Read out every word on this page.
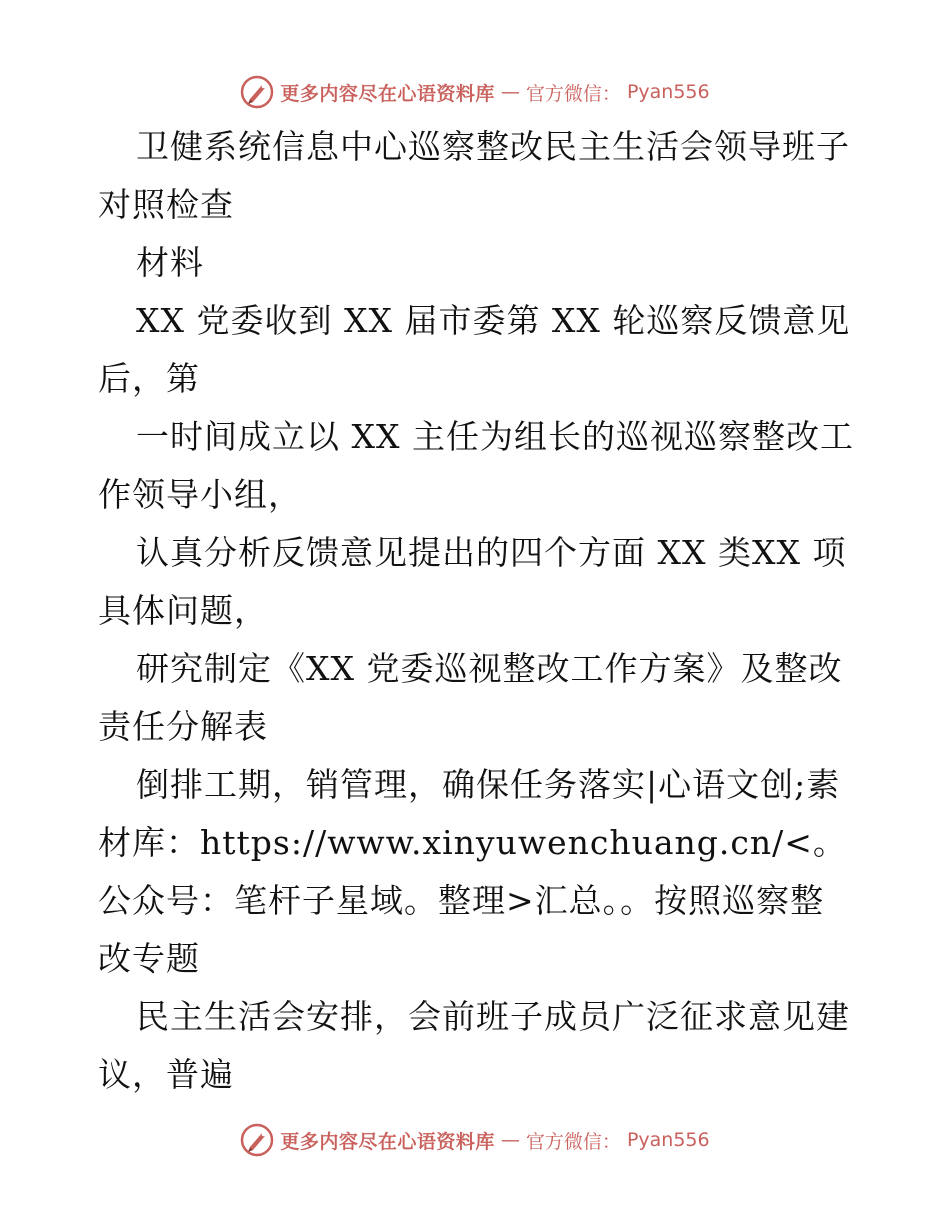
更多内容尽在心语资料库 — 官方微信： Pyan556

卫健系统信息中心巡察整改民主生活会领导班子对照检查

材料

XX 党委收到 XX 届市委第 XX 轮巡察反馈意见后，第

一时间成立以 XX 主任为组长的巡视巡察整改工作领导小组，

认真分析反馈意见提出的四个方面 XX 类XX 项具体问题，

研究制定《XX 党委巡视整改工作方案》及整改责任分解表

倒排工期，销管理，确保任务落实|心语文创;素材库：https://www.xinyuwenchuang.cn/<。公众号：笔杆子星域。整理>汇总。。按照巡察整改专题

民主生活会安排，会前班子成员广泛征求意见建议，普遍

更多内容尽在心语资料库 — 官方微信： Pyan556
